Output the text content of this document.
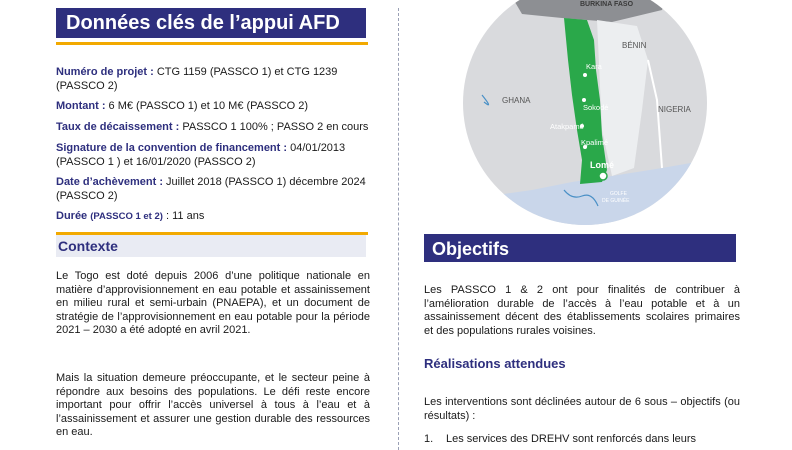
Données clés de l’appui AFD
Numéro de projet : CTG 1159 (PASSCO 1) et CTG 1239 (PASSCO 2)
Montant : 6 M€ (PASSCO 1) et 10 M€ (PASSCO 2)
Taux de décaissement : PASSCO 1 100% ; PASSO 2 en cours
Signature de la convention de financement : 04/01/2013 (PASSCO 1 ) et 16/01/2020 (PASSCO 2)
Date d’achèvement : Juillet 2018 (PASSCO 1) décembre 2024 (PASSCO 2)
Durée (PASSCO 1 et 2) : 11 ans
Contexte
Le Togo est doté depuis 2006 d’une politique nationale en matière d’approvisionnement en eau potable et assainissement en milieu rural et semi-urbain (PNAEPA), et un document de stratégie de l’approvisionnement en eau potable pour la période 2021 – 2030 a été adopté en avril 2021.
Mais la situation demeure préoccupante, et le secteur peine à répondre aux besoins des populations. Le défi reste encore important pour offrir l’accès universel à tous à l’eau et à l’assainissement et assurer une gestion durable des ressources en eau.
BURKINA FASO
BÉNIN
GHANA
NIGERIA
Kara
Sokodé
Atakpamé
Kpalimé
Lomé
GOLFE
DE GUINÉE
Objectifs
Les PASSCO 1 & 2 ont pour finalités de contribuer à l’amélioration durable de l’accès à l’eau potable et à un assainissement décent des établissements scolaires primaires et des populations rurales voisines.
Réalisations attendues
Les interventions sont déclinées autour de 6 sous – objectifs (ou résultats) :
1.	Les services des DREHV sont renforcés dans leurs
